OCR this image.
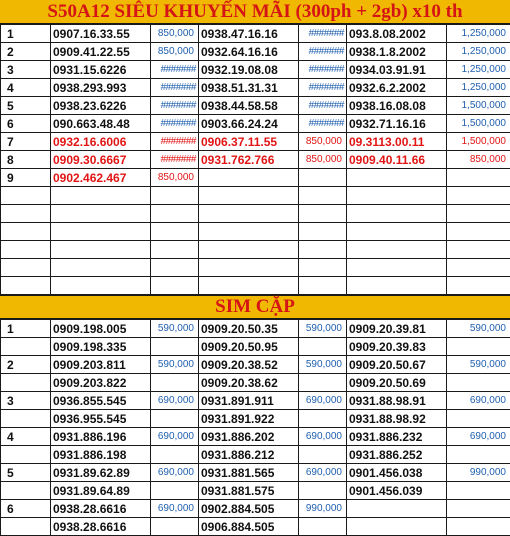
S50A12 SIÊU KHUYẾN MÃI (300ph + 2gb) x10 th
1	0907.16.33.55	850,000	0938.47.16.16	#######	093.8.08.2002	1,250,000
2	0909.41.22.55	850,000	0932.64.16.16	#######	0938.1.8.2002	1,250,000
3	0931.15.6226	#######	0932.19.08.08	#######	0934.03.91.91	1,250,000
4	0938.293.993	#######	0938.51.31.31	#######	0932.6.2.2002	1,250,000
5	0938.23.6226	#######	0938.44.58.58	#######	0938.16.08.08	1,500,000
6	090.663.48.48	#######	0903.66.24.24	#######	0932.71.16.16	1,500,000
7	0932.16.6006	#######	0906.37.11.55	850,000	09.3113.00.11	1,500,000
8	0909.30.6667	#######	0931.762.766	850,000	0909.40.11.66	850,000
9	0902.462.467	850,000				

SIM CẶP
1	0909.198.005	590,000	0909.20.50.35	590,000	0909.20.39.81	590,000
	0909.198.335		0909.20.50.95		0909.20.39.83	
2	0909.203.811	590,000	0909.20.38.52	590,000	0909.20.50.67	590,000
	0909.203.822		0909.20.38.62		0909.20.50.69	
3	0936.855.545	690,000	0931.891.911	690,000	0931.88.98.91	690,000
	0936.955.545		0931.891.922		0931.88.98.92	
4	0931.886.196	690,000	0931.886.202	690,000	0931.886.232	690,000
	0931.886.198		0931.886.212		0931.886.252	
5	0931.89.62.89	690,000	0931.881.565	690,000	0901.456.038	990,000
	0931.89.64.89		0931.881.575		0901.456.039	
6	0938.28.6616	690,000	0902.884.505	990,000		
	0938.28.6616		0906.884.505			
